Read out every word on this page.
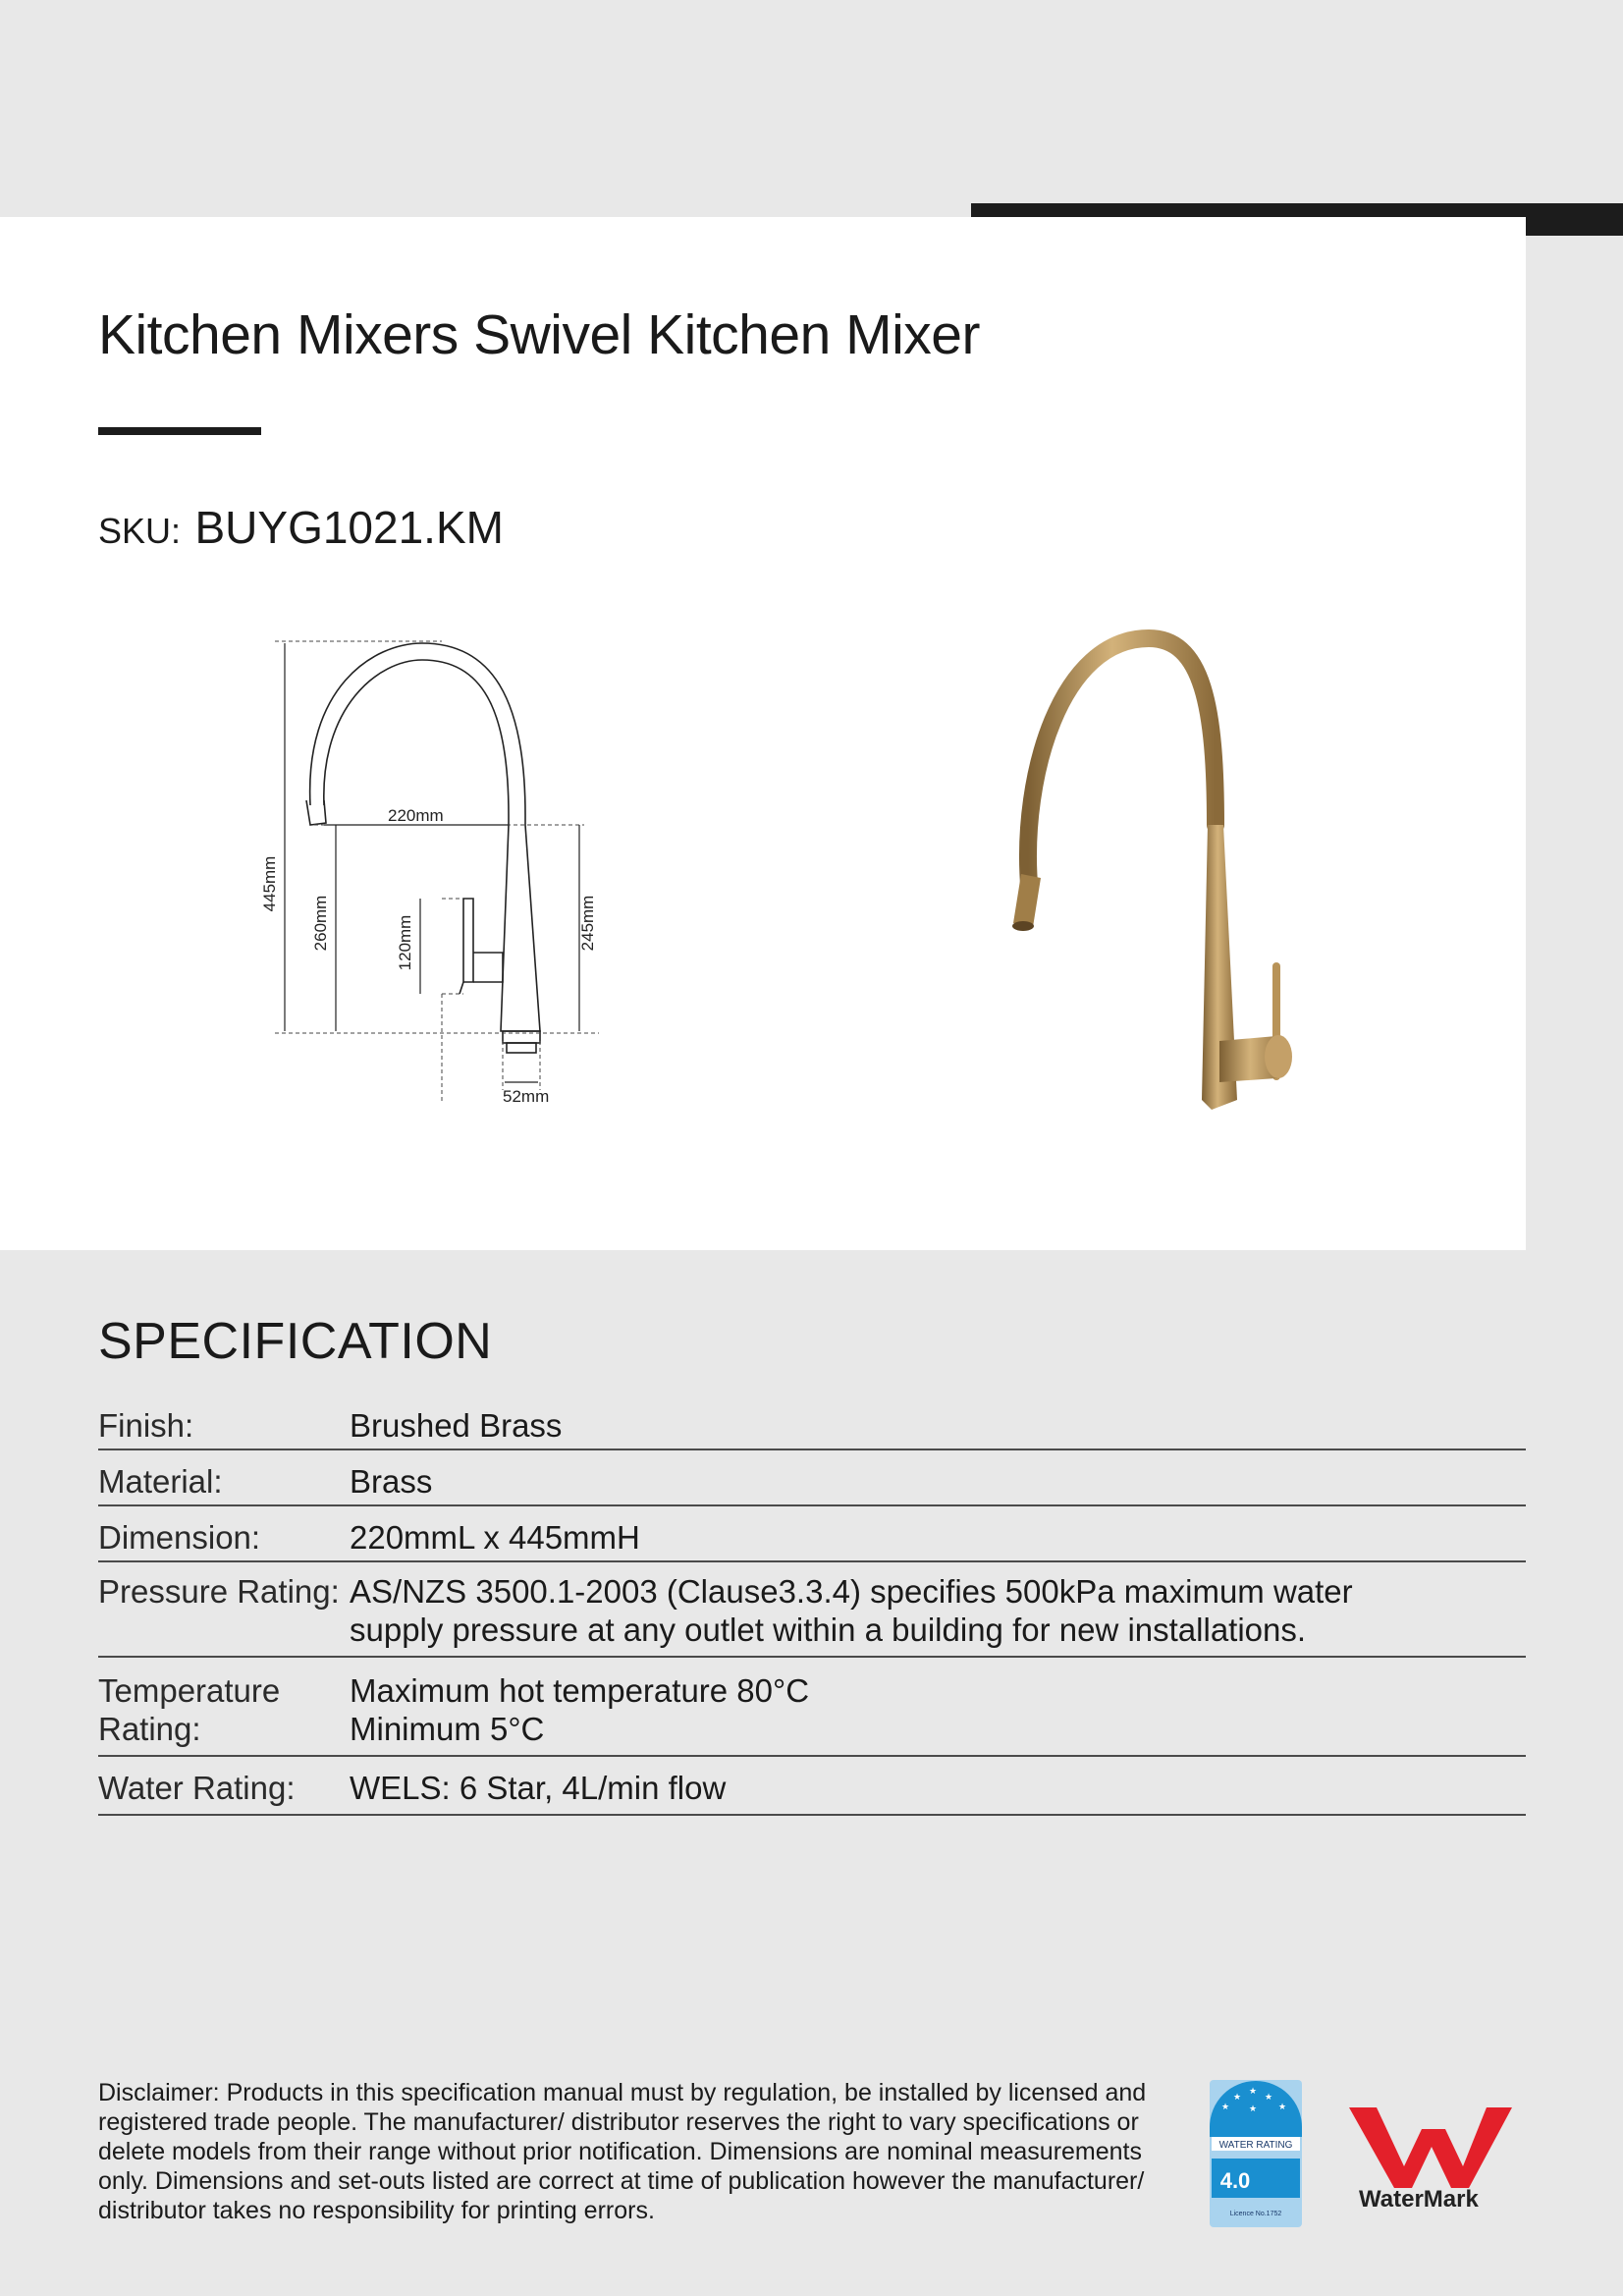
Kitchen Mixers Swivel Kitchen Mixer
SKU: BUYG1021.KM
220mm
445mm
260mm	120mm	245mm
52mm
SPECIFICATION
Finish:	Brushed Brass
Material:	Brass
Dimension:	220mmL x 445mmH
Pressure Rating: AS/NZS 3500.1-2003 (Clause3.3.4) specifies 500kPa maximum water
supply pressure at any outlet within a building for new installations.
Temperature Rating:
Maximum hot temperature 80°C
Minimum 5°C
Water Rating:	WELS: 6 Star, 4L/min flow
Disclaimer: Products in this specification manual must by regulation, be installed by licensed and registered trade people. The manufacturer/ distributor reserves the right to vary specifications or delete models from their range without prior notification. Dimensions are nominal measurements only. Dimensions and set-outs listed are correct at time of publication however the manufacturer/ distributor takes no responsibility for printing errors.
★
★
★
★
★
★
WATER RATING
4.0
Licence No.1752
WaterMark
